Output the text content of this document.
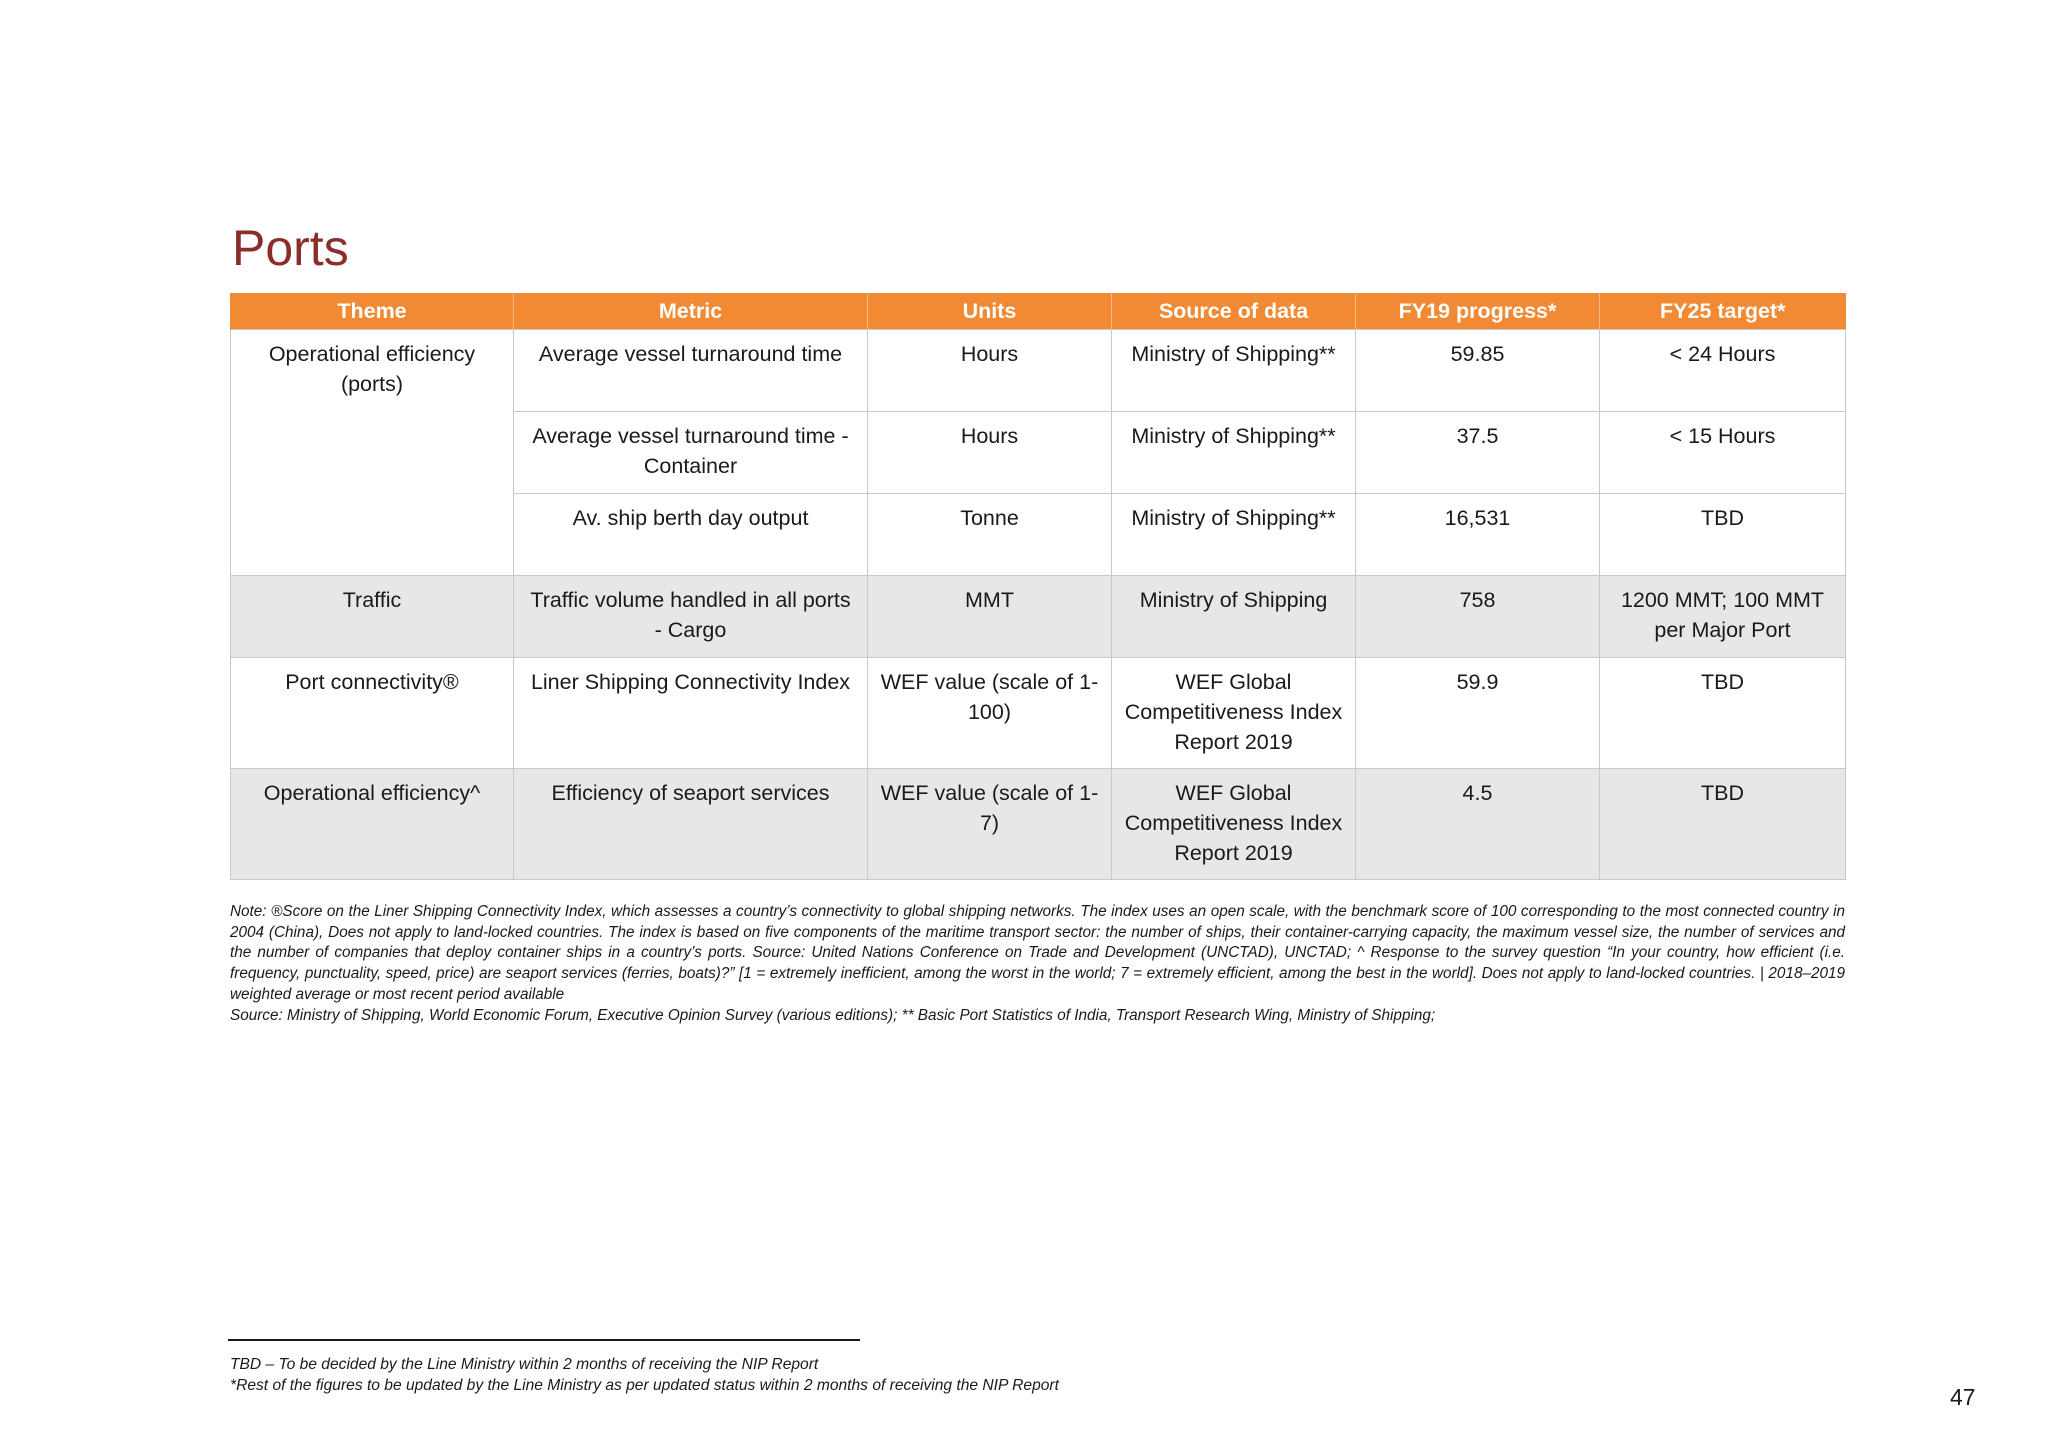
Ports
Theme	Metric	Units	Source of data	FY19 progress*	FY25 target*
Operational efficiency (ports)	Average vessel turnaround time	Hours	Ministry of Shipping**	59.85	< 24 Hours
	Average vessel turnaround time - Container	Hours	Ministry of Shipping**	37.5	< 15 Hours
	Av. ship berth day output	Tonne	Ministry of Shipping**	16,531	TBD
Traffic	Traffic volume handled in all ports - Cargo	MMT	Ministry of Shipping	758	1200 MMT; 100 MMT per Major Port
Port connectivity®	Liner Shipping Connectivity Index	WEF value (scale of 1-100)	WEF Global Competitiveness Index Report 2019	59.9	TBD
Operational efficiency^	Efficiency of seaport services	WEF value (scale of 1-7)	WEF Global Competitiveness Index Report 2019	4.5	TBD

Note: ®Score on the Liner Shipping Connectivity Index, which assesses a country’s connectivity to global shipping networks. The index uses an open scale, with the benchmark score of 100 corresponding to the most connected country in 2004 (China), Does not apply to land-locked countries. The index is based on five components of the maritime transport sector: the number of ships, their container-carrying capacity, the maximum vessel size, the number of services and the number of companies that deploy container ships in a country’s ports. Source: United Nations Conference on Trade and Development (UNCTAD), UNCTAD; ^ Response to the survey question “In your country, how efficient (i.e. frequency, punctuality, speed, price) are seaport services (ferries, boats)?” [1 = extremely inefficient, among the worst in the world; 7 = extremely efficient, among the best in the world]. Does not apply to land-locked countries. | 2018–2019 weighted average or most recent period available

Source: Ministry of Shipping, World Economic Forum, Executive Opinion Survey (various editions); ** Basic Port Statistics of India, Transport Research Wing, Ministry of Shipping;

TBD – To be decided by the Line Ministry within 2 months of receiving the NIP Report

*Rest of the figures to be updated by the Line Ministry as per updated status within 2 months of receiving the NIP Report	47
